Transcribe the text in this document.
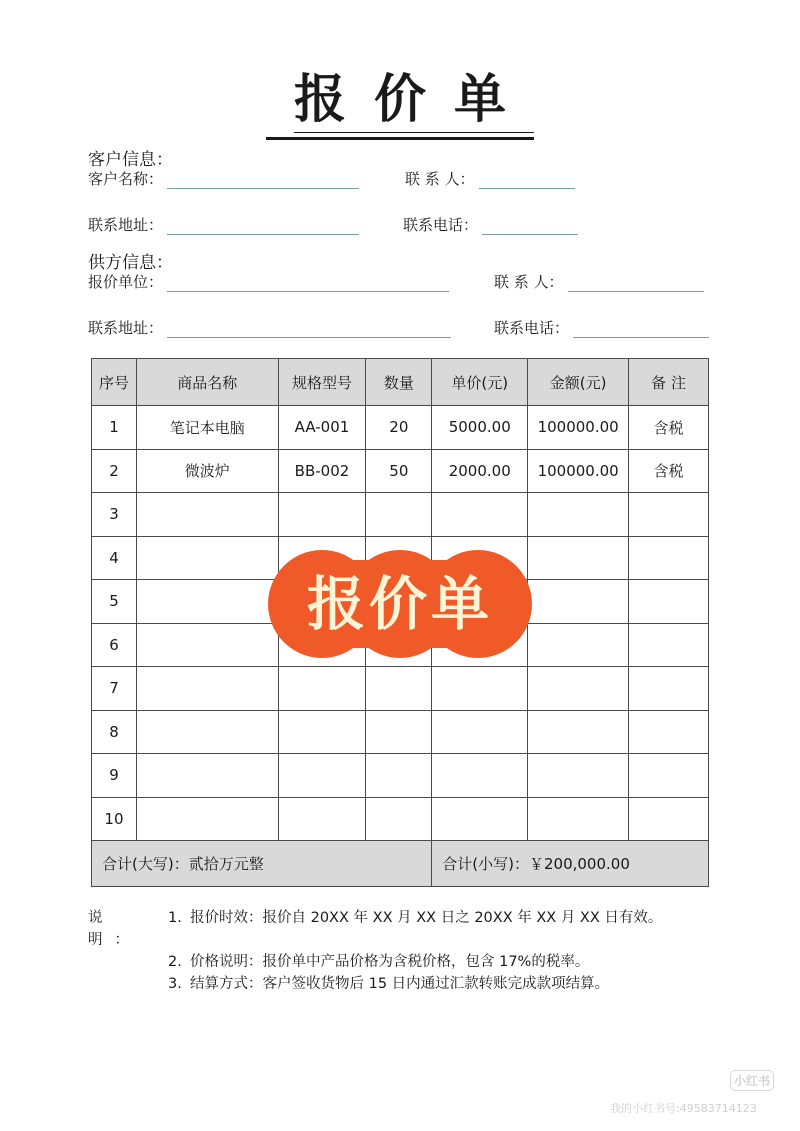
报价单
客户信息：
客户名称：	联 系 人：
联系地址：	联系电话：
供方信息：
报价单位：	联 系 人：
联系地址：	联系电话：
序号	商品名称	规格型号	数量	单价(元)	金额(元)	备 注
1	笔记本电脑	AA-001	20	5000.00	100000.00	含税
2	微波炉	BB-002	50	2000.00	100000.00	含税
3						
4						
5						
6						
7						
8						
9						
10						
合计(大写)：贰拾万元整				合计(小写)：￥200,000.00		
报价单
说 明：
1. 报价时效：报价自 20XX 年 XX 月 XX 日之 20XX 年 XX 月 XX 日有效。
2. 价格说明：报价单中产品价格为含税价格，包含 17%的税率。
3. 结算方式：客户签收货物后 15 日内通过汇款转账完成款项结算。
小红书
我的小红书号:4958371412З
